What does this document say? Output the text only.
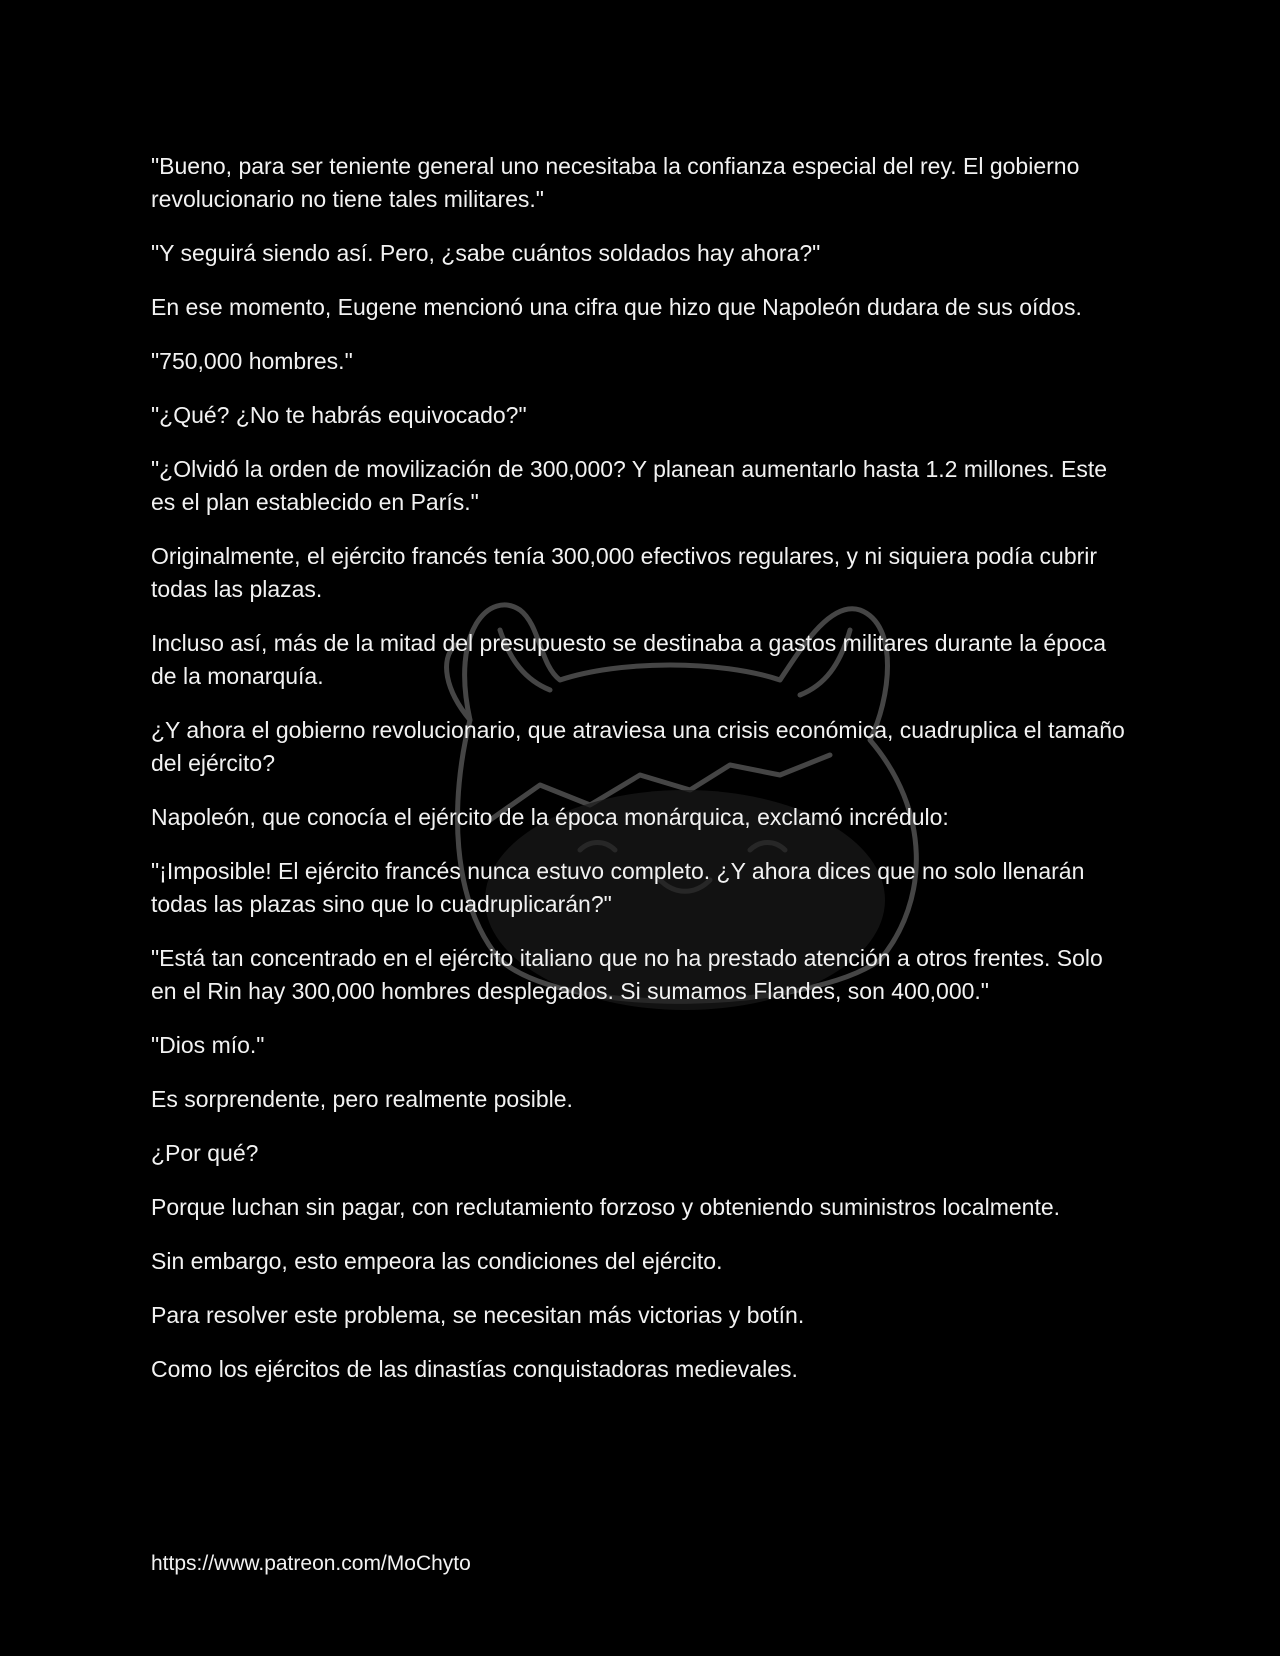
"Bueno, para ser teniente general uno necesitaba la confianza especial del rey. El gobierno revolucionario no tiene tales militares."

"Y seguirá siendo así. Pero, ¿sabe cuántos soldados hay ahora?"

En ese momento, Eugene mencionó una cifra que hizo que Napoleón dudara de sus oídos.

"750,000 hombres."

"¿Qué? ¿No te habrás equivocado?"

"¿Olvidó la orden de movilización de 300,000? Y planean aumentarlo hasta 1.2 millones. Este es el plan establecido en París."

Originalmente, el ejército francés tenía 300,000 efectivos regulares, y ni siquiera podía cubrir todas las plazas.

Incluso así, más de la mitad del presupuesto se destinaba a gastos militares durante la época de la monarquía.

¿Y ahora el gobierno revolucionario, que atraviesa una crisis económica, cuadruplica el tamaño del ejército?

Napoleón, que conocía el ejército de la época monárquica, exclamó incrédulo:

"¡Imposible! El ejército francés nunca estuvo completo. ¿Y ahora dices que no solo llenarán todas las plazas sino que lo cuadruplicarán?"

"Está tan concentrado en el ejército italiano que no ha prestado atención a otros frentes. Solo en el Rin hay 300,000 hombres desplegados. Si sumamos Flandes, son 400,000."

"Dios mío."

Es sorprendente, pero realmente posible.

¿Por qué?

Porque luchan sin pagar, con reclutamiento forzoso y obteniendo suministros localmente.

Sin embargo, esto empeora las condiciones del ejército.

Para resolver este problema, se necesitan más victorias y botín.

Como los ejércitos de las dinastías conquistadoras medievales.

https://www.patreon.com/MoChyto
